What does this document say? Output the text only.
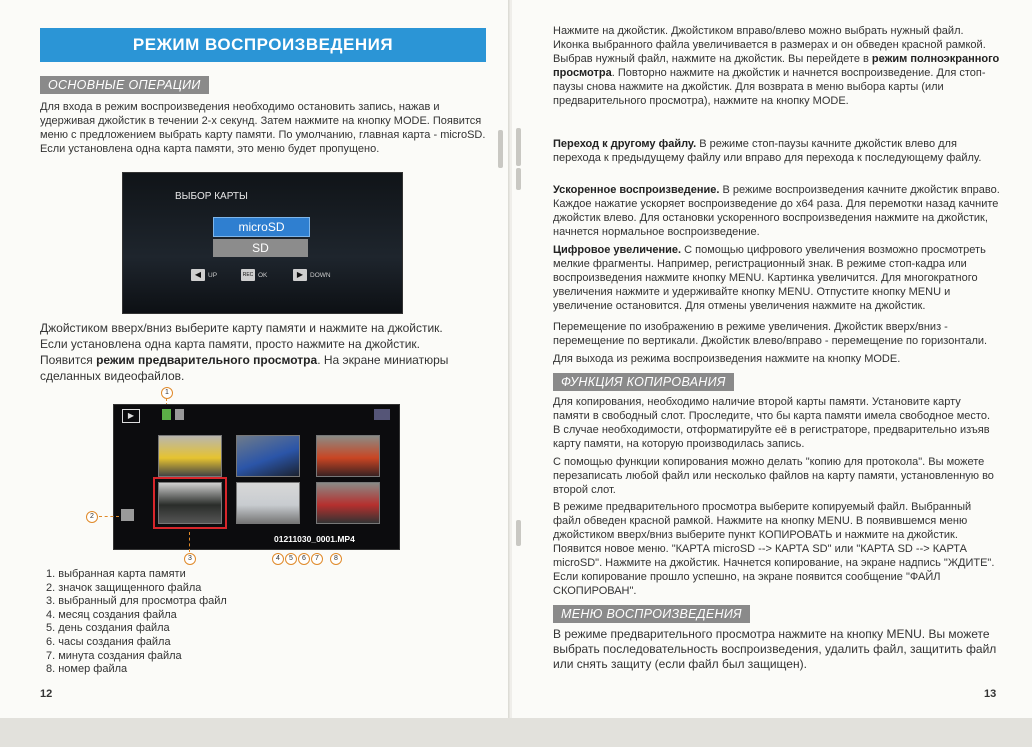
РЕЖИМ ВОСПРОИЗВЕДЕНИЯ
ОСНОВНЫЕ ОПЕРАЦИИ
Для входа в режим воспроизведения необходимо остановить запись, нажав и удерживая джойстик в течении 2-х секунд. Затем нажмите на кнопку MODE. Появится меню с предложением выбрать карту памяти. По умолчанию, главная карта - microSD. Если установлена одна карта памяти, это меню будет пропущено.
ВЫБОР КАРТЫ
microSD
SD
◀	UP	REC OK	▶	DOWN
Джойстиком вверх/вниз выберите карту памяти и нажмите на джойстик.
Если установлена одна карта памяти, просто нажмите на джойстик.
Появится режим предварительного просмотра. На экране миниатюры
сделанных видеофайлов.
1
▶
01211030_0001.MP4
2
3	4	5	6	7	8
1. выбранная карта памяти
2. значок защищенного файла
3. выбранный для просмотра файл
4. месяц создания файла
5. день создания файла
6. часы создания файла
7. минута создания файла
8. номер файла
12
Нажмите на джойстик. Джойстиком вправо/влево можно выбрать нужный файл. Иконка выбранного файла увеличивается в размерах и он обведен красной рамкой. Выбрав нужный файл, нажмите на джойстик. Вы перейдете в режим полноэкранного просмотра. Повторно нажмите на джойстик и начнется воспроизведение. Для стоп-паузы снова нажмите на джойстик. Для возврата в меню выбора карты (или предварительного просмотра), нажмите на кнопку MODE.
Переход к другому файлу. В режиме стоп-паузы качните джойстик влево для перехода к предыдущему файлу или вправо для перехода к последующему файлу.
Ускоренное воспроизведение. В режиме воспроизведения качните джойстик вправо. Каждое нажатие ускоряет воспроизведение до x64 раза. Для перемотки назад качните джойстик влево. Для остановки ускоренного воспроизведения нажмите на джойстик, начнется нормальное воспроизведение.
Цифровое увеличение. С помощью цифрового увеличения возможно просмотреть мелкие фрагменты. Например, регистрационный знак. В режиме стоп-кадра или воспроизведения нажмите кнопку MENU. Картинка увеличится. Для многократного увеличения нажмите и удерживайте кнопку MENU. Отпустите кнопку MENU и увеличение остановится. Для отмены увеличения нажмите на джойстик.
Перемещение по изображению в режиме увеличения. Джойстик вверх/вниз - перемещение по вертикали. Джойстик влево/вправо - перемещение по горизонтали.
Для выхода из режима воспроизведения нажмите на кнопку MODE.
ФУНКЦИЯ КОПИРОВАНИЯ
Для копирования, необходимо наличие второй карты памяти. Установите карту памяти в свободный слот. Проследите, что бы карта памяти имела свободное место. В случае необходимости, отформатируйте её в регистраторе, предварительно изъяв карту памяти, на которую производилась запись.
С помощью функции копирования можно делать "копию для протокола". Вы можете перезаписать любой файл или несколько файлов на карту памяти, установленную во второй слот.
В режиме предварительного просмотра выберите копируемый файл. Выбранный файл обведен красной рамкой. Нажмите на кнопку MENU. В появившемся меню джойстиком вверх/вниз выберите пункт КОПИРОВАТЬ и нажмите на джойстик. Появится новое меню. "КАРТА microSD --> КАРТА SD" или "КАРТА SD --> КАРТА microSD". Нажмите на джойстик. Начнется копирование, на экране надпись "ЖДИТЕ". Если копирование прошло успешно, на экране появится сообщение "ФАЙЛ СКОПИРОВАН".
МЕНЮ ВОСПРОИЗВЕДЕНИЯ
В режиме предварительного просмотра нажмите на кнопку MENU. Вы можете выбрать последовательность воспроизведения, удалить файл, защитить файл или снять защиту (если файл был защищен).
13
